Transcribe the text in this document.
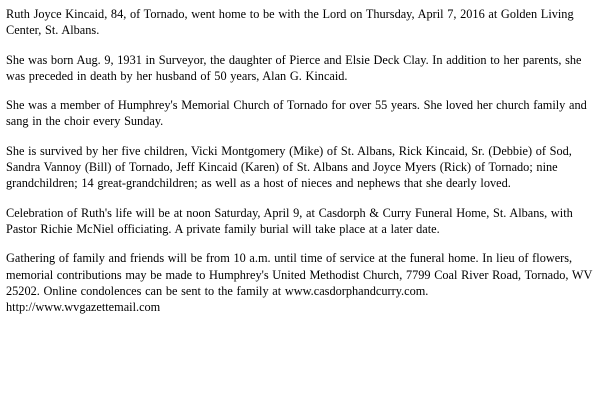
Ruth Joyce Kincaid, 84, of Tornado, went home to be with the Lord on Thursday, April 7, 2016 at Golden Living Center, St. Albans.

She was born Aug. 9, 1931 in Surveyor, the daughter of Pierce and Elsie Deck Clay. In addition to her parents, she was preceded in death by her husband of 50 years, Alan G. Kincaid.

She was a member of Humphrey's Memorial Church of Tornado for over 55 years. She loved her church family and sang in the choir every Sunday.

She is survived by her five children, Vicki Montgomery (Mike) of St. Albans, Rick Kincaid, Sr. (Debbie) of Sod, Sandra Vannoy (Bill) of Tornado, Jeff Kincaid (Karen) of St. Albans and Joyce Myers (Rick) of Tornado; nine grandchildren; 14 great-grandchildren; as well as a host of nieces and nephews that she dearly loved.

Celebration of Ruth's life will be at noon Saturday, April 9, at Casdorph & Curry Funeral Home, St. Albans, with Pastor Richie McNiel officiating. A private family burial will take place at a later date.

Gathering of family and friends will be from 10 a.m. until time of service at the funeral home. In lieu of flowers, memorial contributions may be made to Humphrey's United Methodist Church, 7799 Coal River Road, Tornado, WV 25202. Online condolences can be sent to the family at www.casdorphandcurry.com.

http://www.wvgazettemail.com
